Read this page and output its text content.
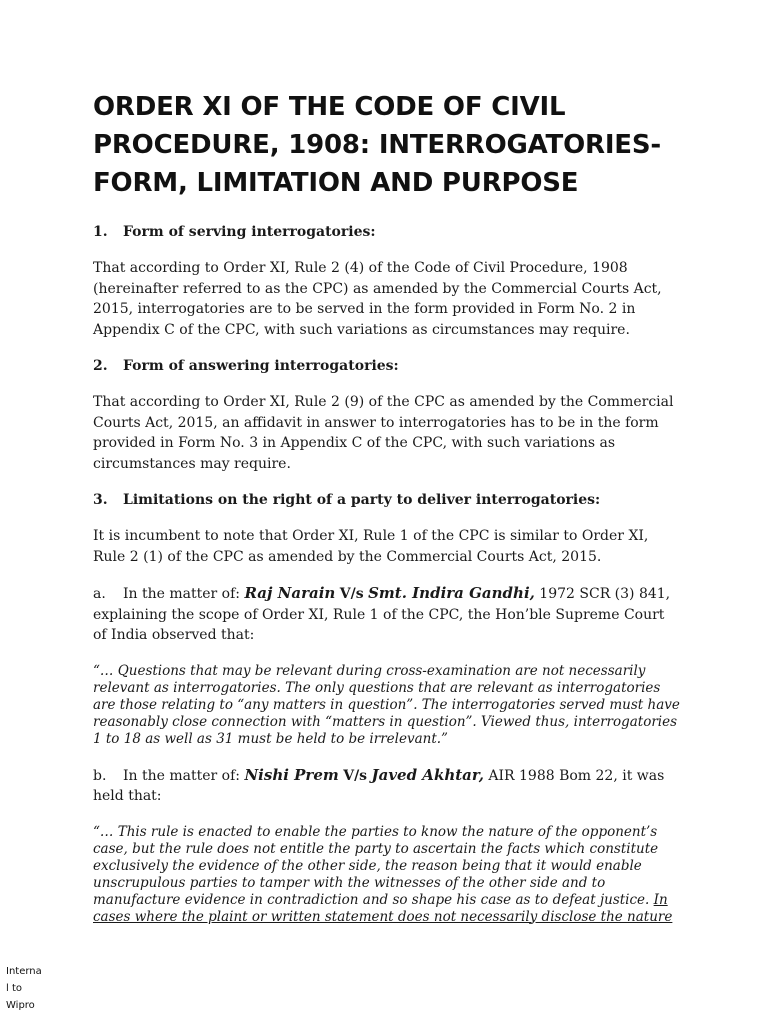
ORDER XI OF THE CODE OF CIVIL PROCEDURE, 1908: INTERROGATORIES-FORM, LIMITATION AND PURPOSE

1. Form of serving interrogatories:

That according to Order XI, Rule 2 (4) of the Code of Civil Procedure, 1908 (hereinafter referred to as the CPC) as amended by the Commercial Courts Act, 2015, interrogatories are to be served in the form provided in Form No. 2 in Appendix C of the CPC, with such variations as circumstances may require.

2. Form of answering interrogatories:

That according to Order XI, Rule 2 (9) of the CPC as amended by the Commercial Courts Act, 2015, an affidavit in answer to interrogatories has to be in the form provided in Form No. 3 in Appendix C of the CPC, with such variations as circumstances may require.

3. Limitations on the right of a party to deliver interrogatories:

It is incumbent to note that Order XI, Rule 1 of the CPC is similar to Order XI, Rule 2 (1) of the CPC as amended by the Commercial Courts Act, 2015.

a. In the matter of: Raj Narain V/s Smt. Indira Gandhi, 1972 SCR (3) 841, explaining the scope of Order XI, Rule 1 of the CPC, the Hon’ble Supreme Court of India observed that:

“… Questions that may be relevant during cross-examination are not necessarily relevant as interrogatories. The only questions that are relevant as interrogatories are those relating to “any matters in question”. The interrogatories served must have reasonably close connection with “matters in question”. Viewed thus, interrogatories 1 to 18 as well as 31 must be held to be irrelevant.”

b. In the matter of: Nishi Prem V/s Javed Akhtar, AIR 1988 Bom 22, it was held that:

“… This rule is enacted to enable the parties to know the nature of the opponent’s case, but the rule does not entitle the party to ascertain the facts which constitute exclusively the evidence of the other side, the reason being that it would enable unscrupulous parties to tamper with the witnesses of the other side and to manufacture evidence in contradiction and so shape his case as to defeat justice. In cases where the plaint or written statement does not necessarily disclose the nature

Interna
l to
Wipro
